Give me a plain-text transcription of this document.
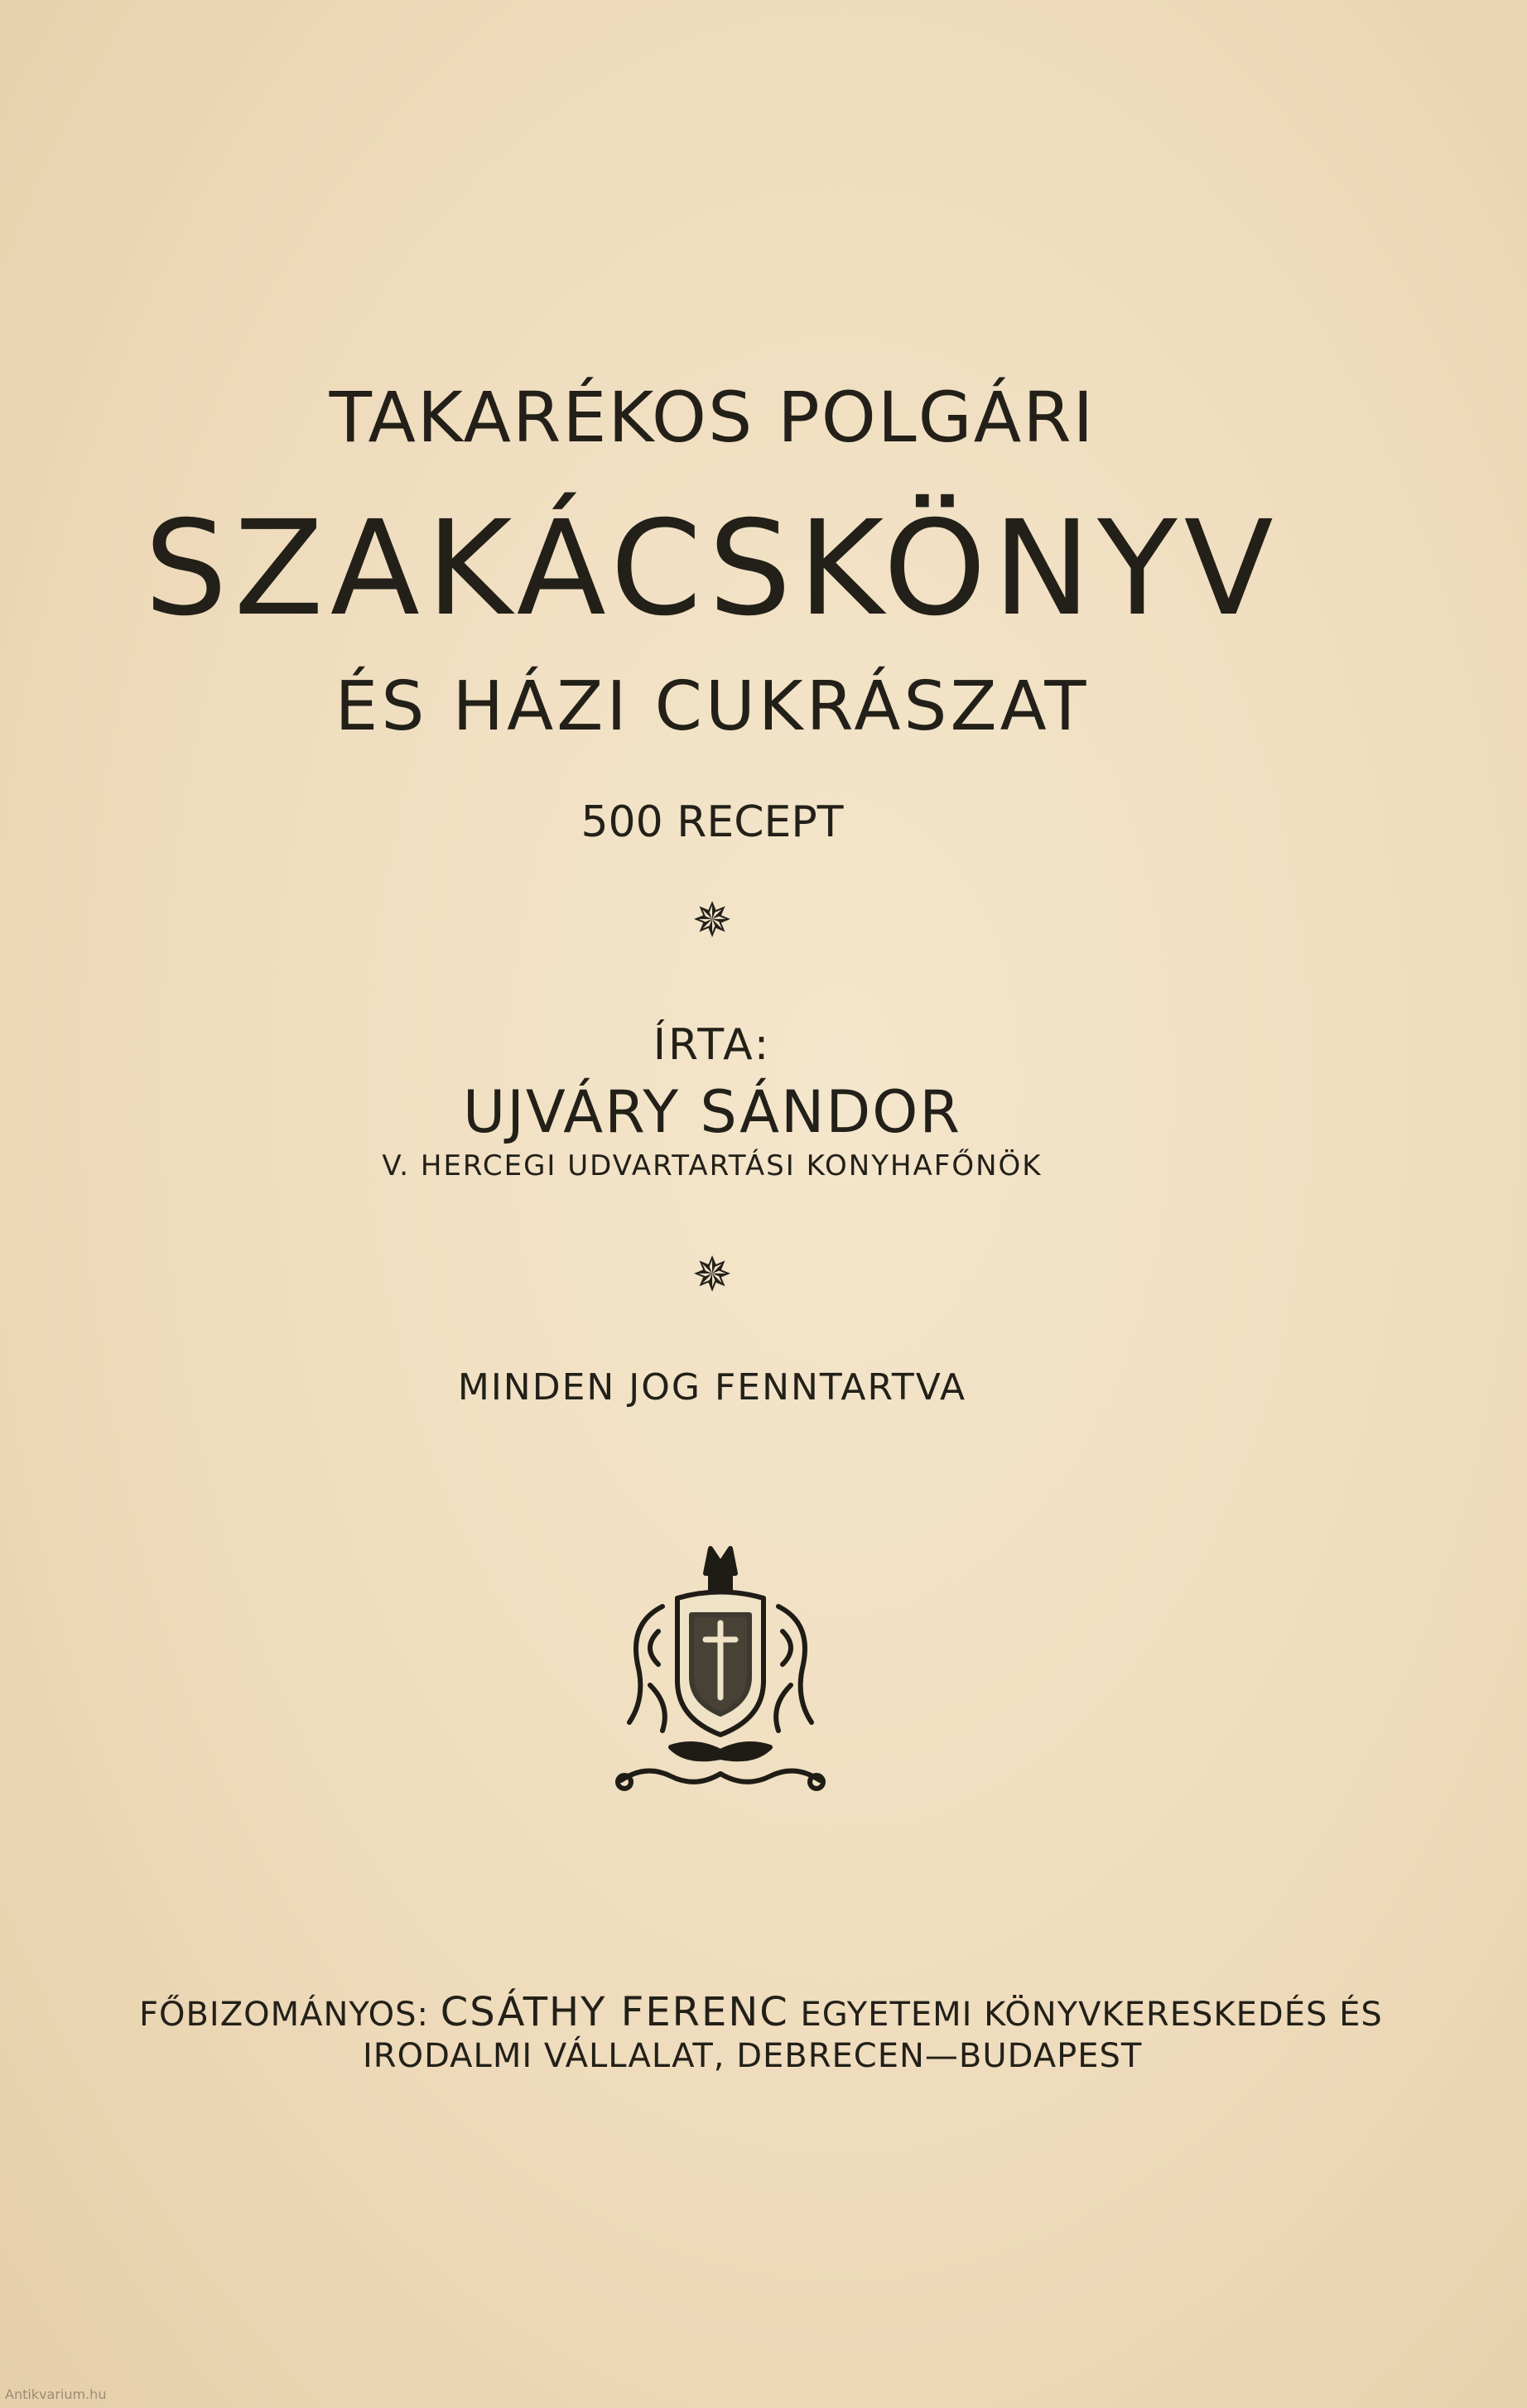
TAKARÉKOS POLGÁRI
SZAKÁCSKÖNYV
ÉS HÁZI CUKRÁSZAT

500 RECEPT

✵

ÍRTA:

UJVÁRY SÁNDOR

V. HERCEGI UDVARTARTÁSI KONYHAFŐNÖK

✵

MINDEN JOG FENNTARTVA

FŐBIZOMÁNYOS: CSÁTHY FERENC EGYETEMI KÖNYVKERESKEDÉS ÉS

IRODALMI VÁLLALAT, DEBRECEN—BUDAPEST

Antikvarium.hu
